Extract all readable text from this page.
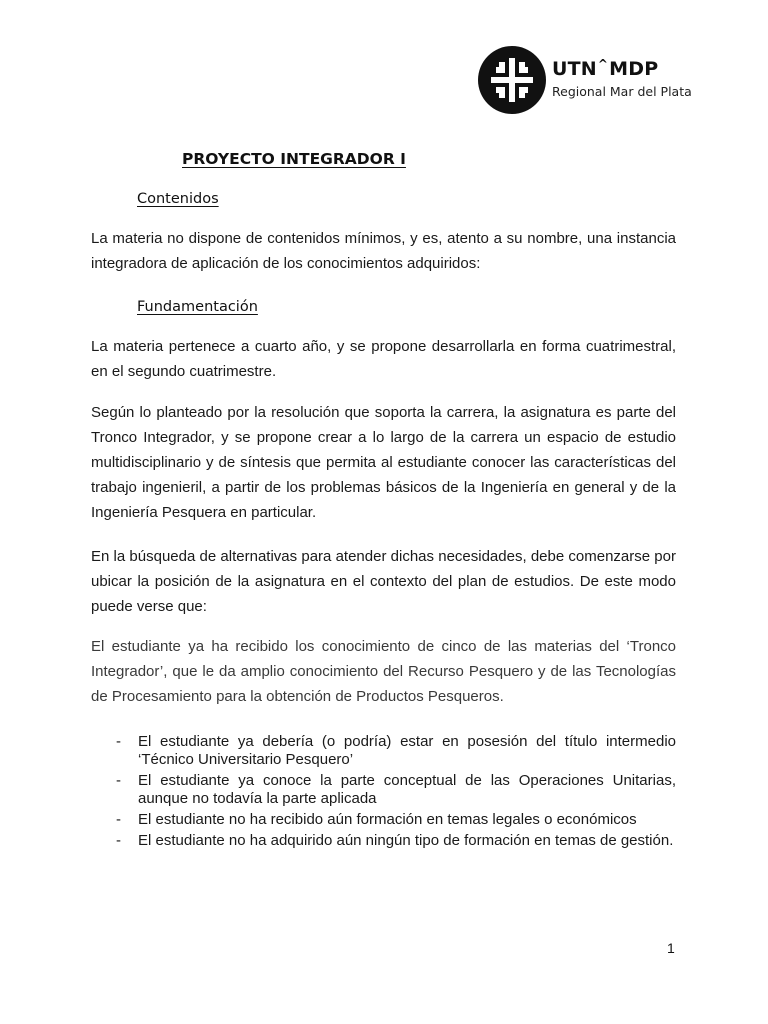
UTN^MDP
Regional Mar del Plata
PROYECTO INTEGRADOR I
Contenidos
La materia no dispone de contenidos mínimos, y es, atento a su nombre, una instancia integradora de aplicación de los conocimientos adquiridos:
Fundamentación
La materia pertenece a cuarto año, y se propone desarrollarla en forma cuatrimestral, en el segundo cuatrimestre.
Según lo planteado por la resolución que soporta la carrera, la asignatura es parte del Tronco Integrador, y se propone crear a lo largo de la carrera un espacio de estudio multidisciplinario y de síntesis que permita al estudiante conocer las características del trabajo ingenieril, a partir de los problemas básicos de la Ingeniería en general y de la Ingeniería Pesquera en particular.
En la búsqueda de alternativas para atender dichas necesidades, debe comenzarse por ubicar la posición de la asignatura en el contexto del plan de estudios. De este modo puede verse que:
El estudiante ya ha recibido los conocimiento de cinco de las materias del ‘Tronco Integrador’, que le da amplio conocimiento del Recurso Pesquero y de las Tecnologías de Procesamiento para la obtención de Productos Pesqueros.
- El estudiante ya debería (o podría) estar en posesión del título intermedio ‘Técnico Universitario Pesquero’
- El estudiante ya conoce la parte conceptual de las Operaciones Unitarias, aunque no todavía la parte aplicada
- El estudiante no ha recibido aún formación en temas legales o económicos
- El estudiante no ha adquirido aún ningún tipo de formación en temas de gestión.
1
